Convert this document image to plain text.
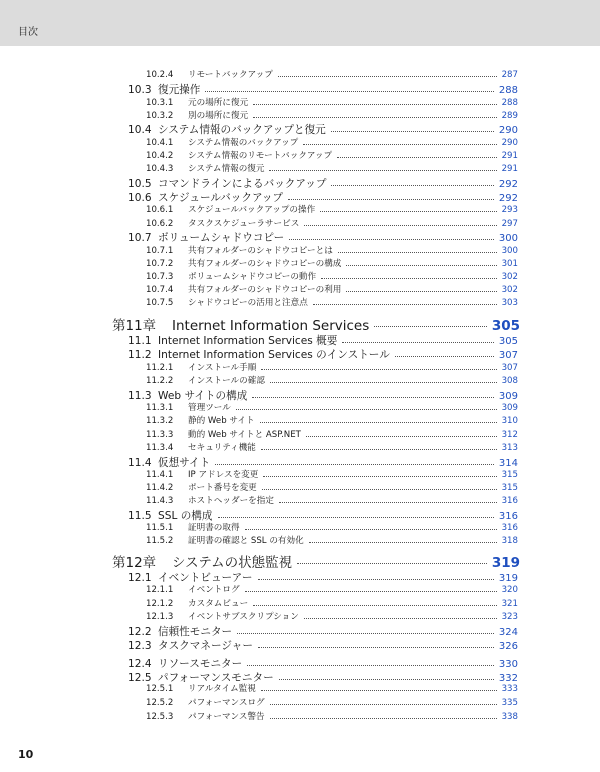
目次
10.2.4	リモートバックアップ	287
10.3 復元操作	288
10.3.1	元の場所に復元	288
10.3.2	別の場所に復元	289
10.4 システム情報のバックアップと復元	290
10.4.1	システム情報のバックアップ	290
10.4.2	システム情報のリモートバックアップ	291
10.4.3	システム情報の復元	291
10.5 コマンドラインによるバックアップ	292
10.6 スケジュールバックアップ	292
10.6.1	スケジュールバックアップの操作	293
10.6.2	タスクスケジューラサービス	297
10.7 ボリュームシャドウコピー	300
10.7.1	共有フォルダーのシャドウコピーとは	300
10.7.2	共有フォルダーのシャドウコピーの構成	301
10.7.3	ボリュームシャドウコピーの動作	302
10.7.4	共有フォルダーのシャドウコピーの利用	302
10.7.5	シャドウコピーの活用と注意点	303
第11章	Internet Information Services	305
11.1 Internet Information Services 概要	305
11.2 Internet Information Services のインストール	307
11.2.1	インストール手順	307
11.2.2	インストールの確認	308
11.3 Web サイトの構成	309
11.3.1	管理ツール	309
11.3.2	静的 Web サイト	310
11.3.3	動的 Web サイトと ASP.NET	312
11.3.4	セキュリティ機能	313
11.4 仮想サイト	314
11.4.1	IP アドレスを変更	315
11.4.2	ポート番号を変更	315
11.4.3	ホストヘッダーを指定	316
11.5 SSL の構成	316
11.5.1	証明書の取得	316
11.5.2	証明書の確認と SSL の有効化	318
第12章	システムの状態監視	319
12.1 イベントビューアー	319
12.1.1	イベントログ	320
12.1.2	カスタムビュー	321
12.1.3	イベントサブスクリプション	323
12.2 信頼性モニター	324
12.3 タスクマネージャー	326
12.4 リソースモニター	330
12.5 パフォーマンスモニター	332
12.5.1	リアルタイム監視	333
12.5.2	パフォーマンスログ	335
12.5.3	パフォーマンス警告	338
10
